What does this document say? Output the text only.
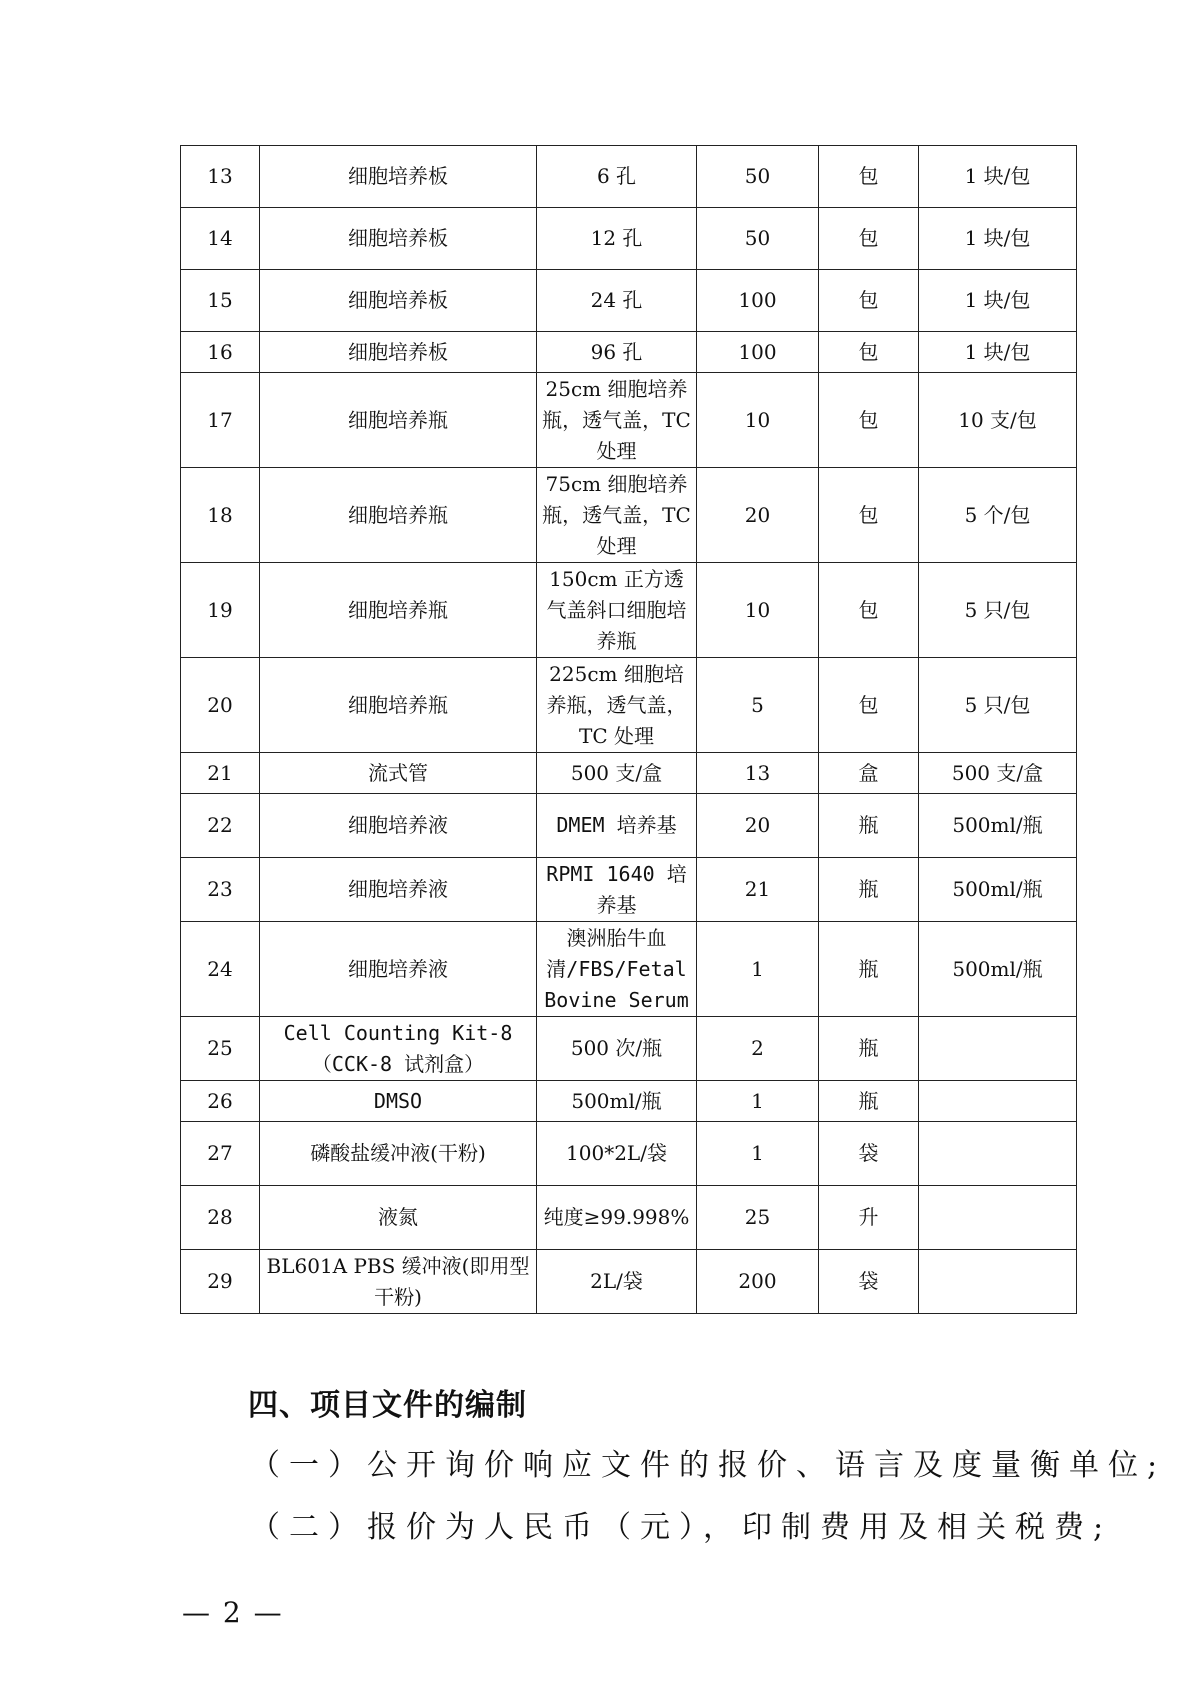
13	细胞培养板	6 孔	50	包	1 块/包
14	细胞培养板	12 孔	50	包	1 块/包
15	细胞培养板	24 孔	100	包	1 块/包
16	细胞培养板	96 孔	100	包	1 块/包
17	细胞培养瓶	25cm 细胞培养瓶，透气盖，TC 处理	10	包	10 支/包
18	细胞培养瓶	75cm 细胞培养瓶，透气盖，TC 处理	20	包	5 个/包
19	细胞培养瓶	150cm 正方透气盖斜口细胞培养瓶	10	包	5 只/包
20	细胞培养瓶	225cm 细胞培养瓶，透气盖，TC 处理	5	包	5 只/包
21	流式管	500 支/盒	13	盒	500 支/盒
22	细胞培养液	DMEM 培养基	20	瓶	500ml/瓶
23	细胞培养液	RPMI 1640 培养基	21	瓶	500ml/瓶
24	细胞培养液	澳洲胎牛血清/FBS/Fetal Bovine Serum	1	瓶	500ml/瓶
25	Cell Counting Kit-8（CCK-8 试剂盒）	500 次/瓶	2	瓶	
26	DMSO	500ml/瓶	1	瓶	
27	磷酸盐缓冲液(干粉)	100*2L/袋	1	袋	
28	液氮	纯度≥99.998%	25	升	
29	BL601A PBS 缓冲液(即用型干粉)	2L/袋	200	袋	
四、项目文件的编制

（一）公开询价响应文件的报价、语言及度量衡单位;

（二）报价为人民币（元），印制费用及相关税费;

— 2 —
